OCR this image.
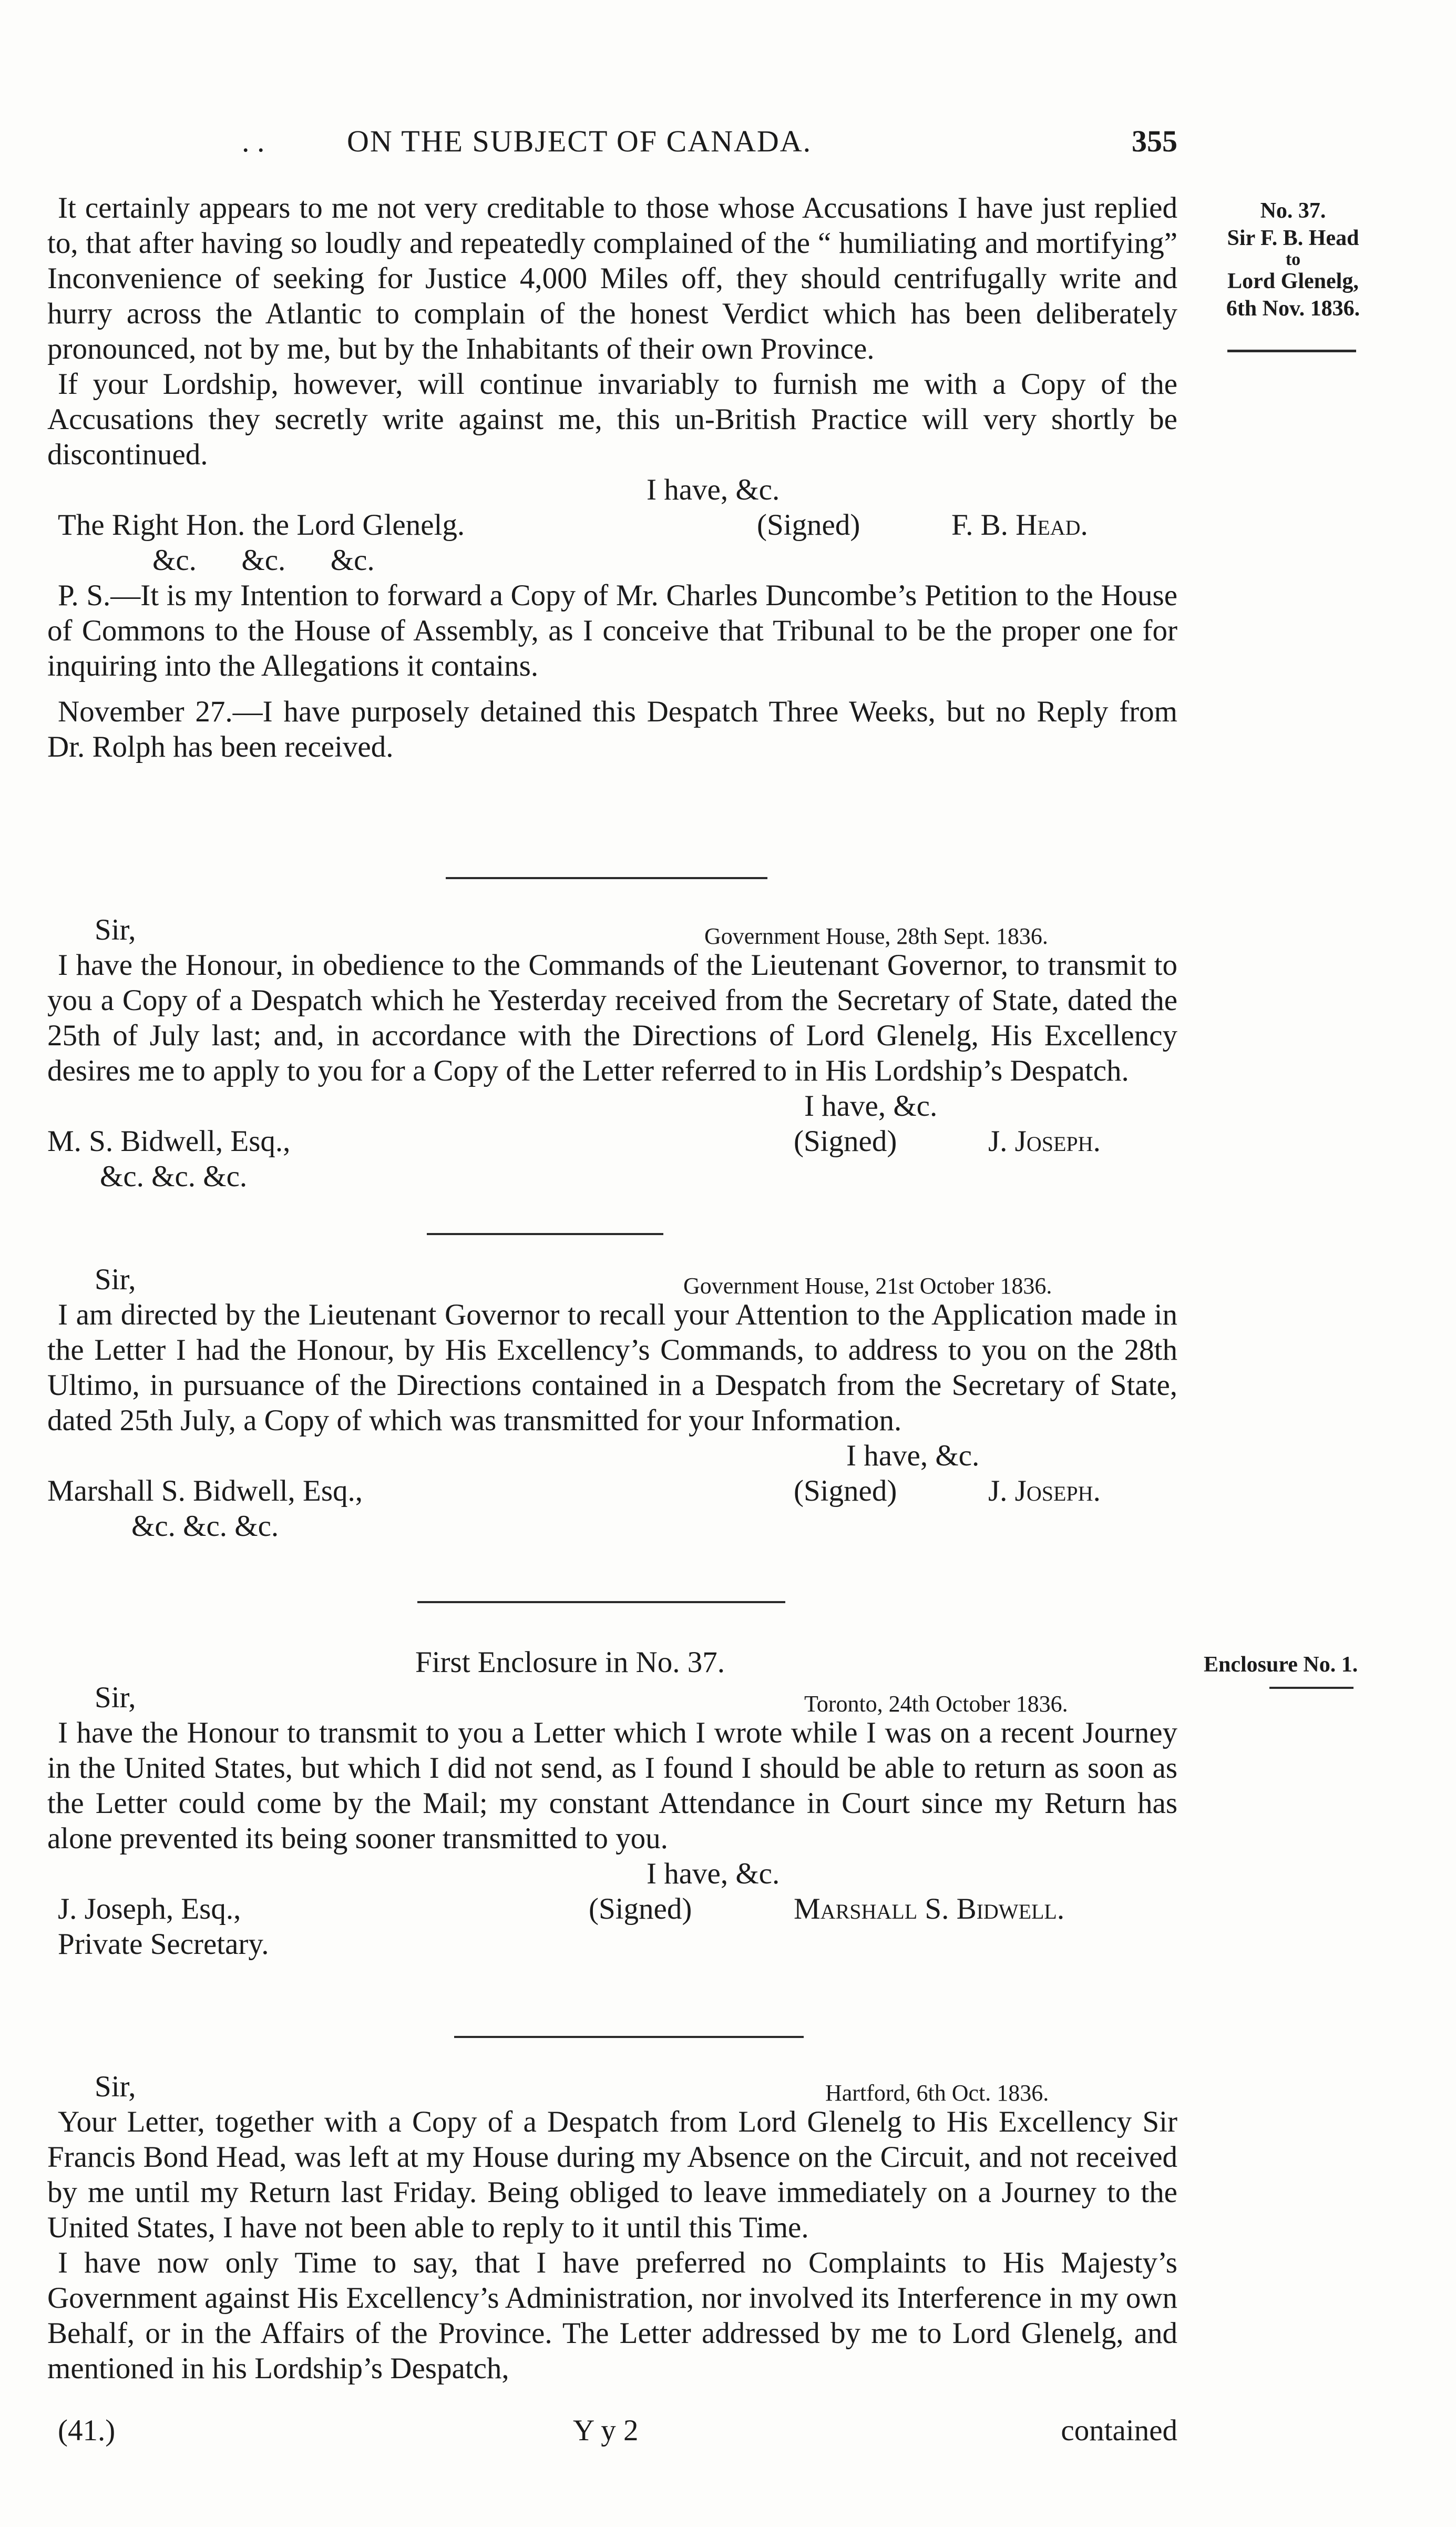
. .	ON THE SUBJECT OF CANADA.	355
No. 37.
Sir F. B. Head
to
Lord Glenelg,
6th Nov. 1836.

It certainly appears to me not very creditable to those whose Accusations I have just replied to, that after having so loudly and repeatedly complained of the “ humiliating and mortifying” Inconvenience of seeking for Justice 4,000 Miles off, they should centrifugally write and hurry across the Atlantic to complain of the honest Verdict which has been deliberately pronounced, not by me, but by the Inhabitants of their own Province.

If your Lordship, however, will continue invariably to furnish me with a Copy of the Accusations they secretly write against me, this un-British Practice will very shortly be discontinued.

I have, &c.
The Right Hon. the Lord Glenelg.	(Signed)	F. B. Head.
&c.      &c.      &c.

P. S.—It is my Intention to forward a Copy of Mr. Charles Duncombe’s Petition to the House of Commons to the House of Assembly, as I conceive that Tribunal to be the proper one for inquiring into the Allegations it contains.

November 27.—I have purposely detained this Despatch Three Weeks, but no Reply from Dr. Rolph has been received.

Sir,	Government House, 28th Sept. 1836.

I have the Honour, in obedience to the Commands of the Lieutenant Governor, to transmit to you a Copy of a Despatch which he Yesterday received from the Secretary of State, dated the 25th of July last; and, in accordance with the Directions of Lord Glenelg, His Excellency desires me to apply to you for a Copy of the Letter referred to in His Lordship’s Despatch.

I have, &c.
M. S. Bidwell, Esq.,	(Signed)	J. Joseph.
&c. &c. &c.
Sir,	Government House, 21st October 1836.

I am directed by the Lieutenant Governor to recall your Attention to the Application made in the Letter I had the Honour, by His Excellency’s Commands, to address to you on the 28th Ultimo, in pursuance of the Directions contained in a Despatch from the Secretary of State, dated 25th July, a Copy of which was transmitted for your Information.

I have, &c.
Marshall S. Bidwell, Esq.,	(Signed)	J. Joseph.
&c. &c. &c.
Enclosure No. 1.
First Enclosure in No. 37.
Sir,	Toronto, 24th October 1836.

I have the Honour to transmit to you a Letter which I wrote while I was on a recent Journey in the United States, but which I did not send, as I found I should be able to return as soon as the Letter could come by the Mail; my constant Attendance in Court since my Return has alone prevented its being sooner transmitted to you.

I have, &c.
J. Joseph, Esq.,	(Signed)	Marshall S. Bidwell.
Private Secretary.
Sir,	Hartford, 6th Oct. 1836.

Your Letter, together with a Copy of a Despatch from Lord Glenelg to His Excellency Sir Francis Bond Head, was left at my House during my Absence on the Circuit, and not received by me until my Return last Friday. Being obliged to leave immediately on a Journey to the United States, I have not been able to reply to it until this Time.

I have now only Time to say, that I have preferred no Complaints to His Majesty’s Government against His Excellency’s Administration, nor involved its Interference in my own Behalf, or in the Affairs of the Province. The Letter addressed by me to Lord Glenelg, and mentioned in his Lordship’s Despatch,

(41.)	Y y 2	contained
